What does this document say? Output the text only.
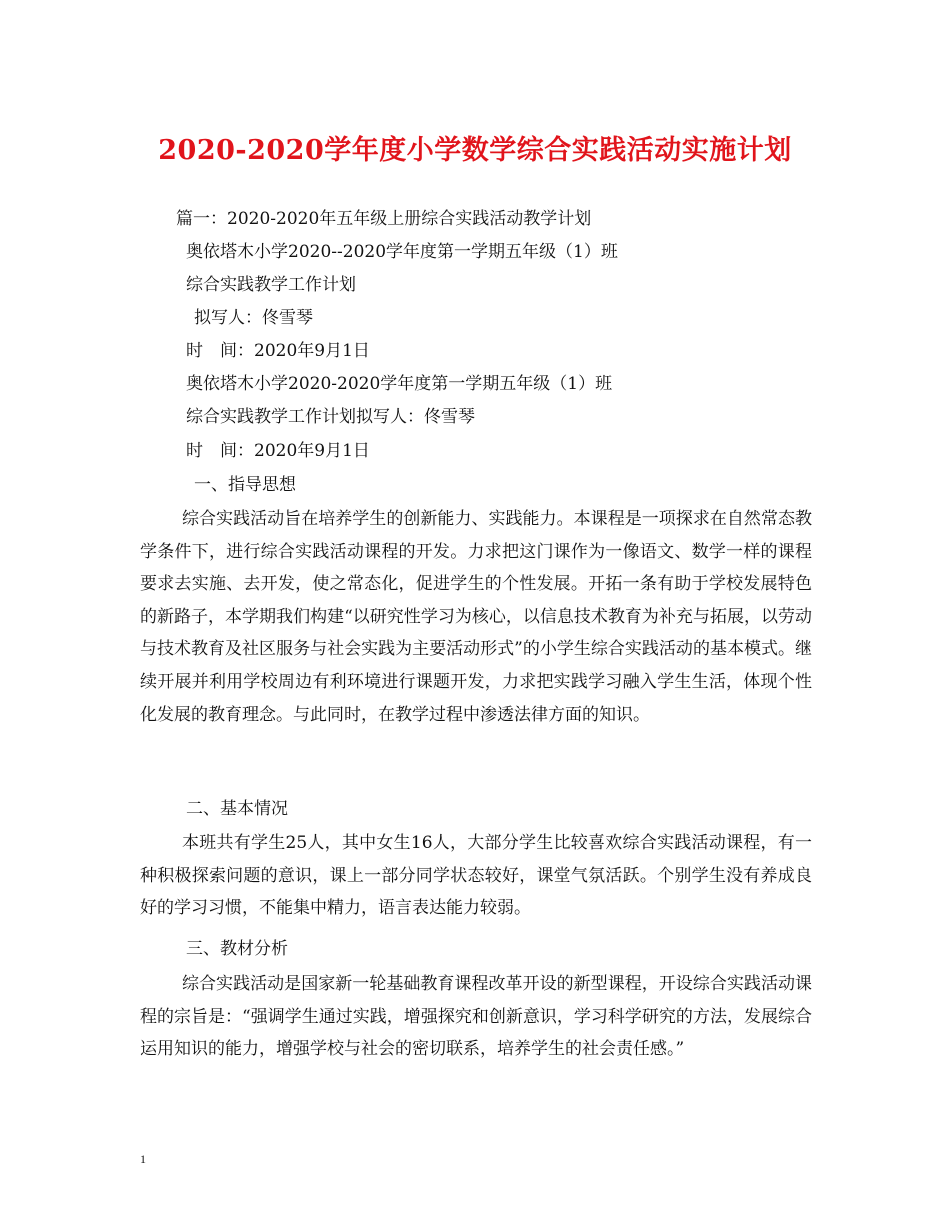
2020-2020学年度小学数学综合实践活动实施计划
篇一：2020-2020年五年级上册综合实践活动教学计划
奥依塔木小学2020--2020学年度第一学期五年级（1）班
综合实践教学工作计划
拟写人：佟雪琴
时　间：2020年9月1日
奥依塔木小学2020-2020学年度第一学期五年级（1）班
综合实践教学工作计划拟写人：佟雪琴
时　间：2020年9月1日
一、指导思想
综合实践活动旨在培养学生的创新能力、实践能力。本课程是一项探求在自然常态教学条件下，进行综合实践活动课程的开发。力求把这门课作为一像语文、数学一样的课程要求去实施、去开发，使之常态化，促进学生的个性发展。开拓一条有助于学校发展特色的新路子，本学期我们构建“以研究性学习为核心，以信息技术教育为补充与拓展，以劳动与技术教育及社区服务与社会实践为主要活动形式”的小学生综合实践活动的基本模式。继续开展并利用学校周边有利环境进行课题开发，力求把实践学习融入学生生活，体现个性化发展的教育理念。与此同时，在教学过程中渗透法律方面的知识。
二、基本情况
本班共有学生25人，其中女生16人，大部分学生比较喜欢综合实践活动课程，有一种积极探索问题的意识，课上一部分同学状态较好，课堂气氛活跃。个别学生没有养成良好的学习习惯，不能集中精力，语言表达能力较弱。
三、教材分析
综合实践活动是国家新一轮基础教育课程改革开设的新型课程，开设综合实践活动课程的宗旨是：“强调学生通过实践，增强探究和创新意识，学习科学研究的方法，发展综合运用知识的能力，增强学校与社会的密切联系，培养学生的社会责任感。”
1
